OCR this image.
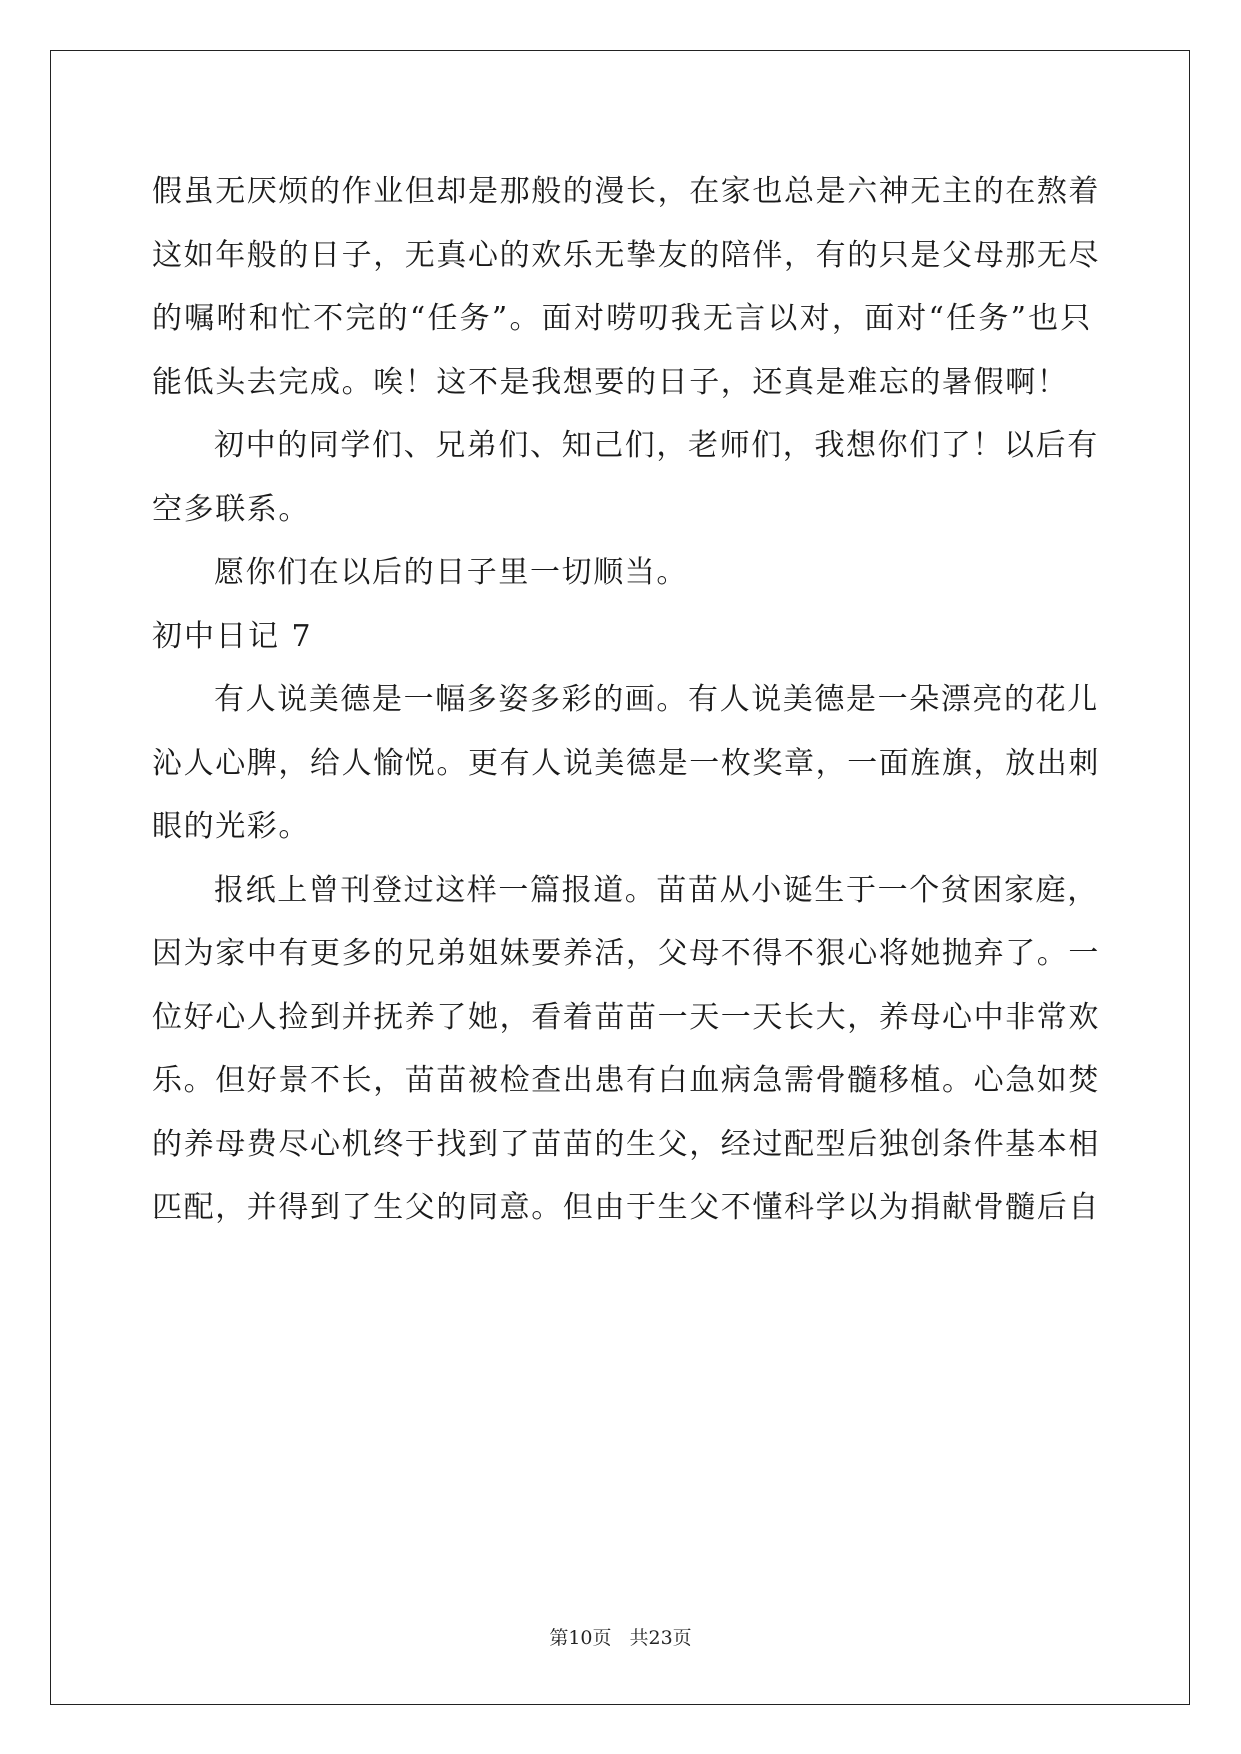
假虽无厌烦的作业但却是那般的漫长，在家也总是六神无主的在熬着
这如年般的日子，无真心的欢乐无挚友的陪伴，有的只是父母那无尽
的嘱咐和忙不完的“任务”。面对唠叨我无言以对，面对“任务”也只
能低头去完成。唉！这不是我想要的日子，还真是难忘的暑假啊！
初中的同学们、兄弟们、知己们，老师们，我想你们了！以后有
空多联系。
愿你们在以后的日子里一切顺当。
初中日记 7
有人说美德是一幅多姿多彩的画。有人说美德是一朵漂亮的花儿
沁人心脾，给人愉悦。更有人说美德是一枚奖章，一面旌旗，放出刺
眼的光彩。
报纸上曾刊登过这样一篇报道。苗苗从小诞生于一个贫困家庭，
因为家中有更多的兄弟姐妹要养活，父母不得不狠心将她抛弃了。一
位好心人捡到并抚养了她，看着苗苗一天一天长大，养母心中非常欢
乐。但好景不长，苗苗被检查出患有白血病急需骨髓移植。心急如焚
的养母费尽心机终于找到了苗苗的生父，经过配型后独创条件基本相
匹配，并得到了生父的同意。但由于生父不懂科学以为捐献骨髓后自
第10页 共23页
